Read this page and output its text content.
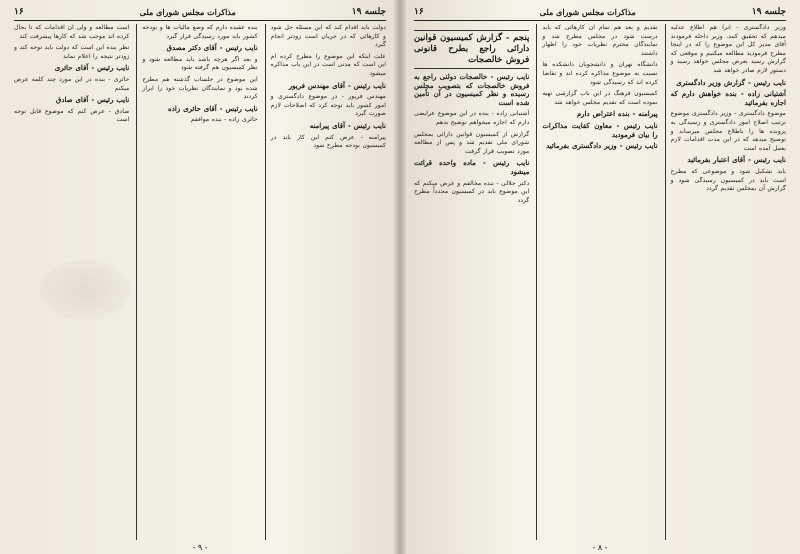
جلسه ۱۹
مذاکرات مجلس شورای ملی
۱۶

دولت باید اقدام کند که این مسئله حل شود و کارهائی که در جریان است زودتر انجام گیرد

علت اینکه این موضوع را مطرح کرده ام این است که مدتی است در این باب مذاکره میشود

نایب رئیس - آقای مهندس فریور

مهندس فریور - در موضوع دادگستری و امور کشور باید توجه کرد که اصلاحات لازم صورت گیرد

نایب رئیس - آقای پیرامنه

پیرامنه - عرض کنم این کار باید در کمیسیون بودجه مطرح شود

بنده عقیده دارم که وضع مالیات ها و بودجه کشور باید مورد رسیدگی قرار گیرد

نایب رئیس - آقای دکتر مصدق

و بعد اگر هرچه باشد باید مطالعه شود و نظر کمیسیون هم گرفته شود

این موضوع در جلسات گذشته هم مطرح شده بود و نمایندگان نظریات خود را ابراز کردند

نایب رئیس - آقای حائری زاده

حائری زاده - بنده موافقم

است مطالعه و ولی آن اقدامات که تا بحال کرده اند موجب شد که کارها پیشرفت کند

نظر بنده این است که دولت باید توجه کند و زودتر نتیجه را اعلام نماید

نایب رئیس - آقای حائری

حائری - بنده در این مورد چند کلمه عرض میکنم

نایب رئیس - آقای صادق

صادق - عرض کنم که موضوع قابل توجه است

- ۹ -
جلسه ۱۹
مذاکرات مجلس شورای ملی
۱۶

وزیر دادگستری - آنرا هم اطلاع عدلیه میدهم که تحقیق کنند. وزیر داخله فرمودند آقای مدیر کل این موضوع را که در اینجا مطرح فرمودید مطالعه میکنیم و موقعی که گزارش رسید بعرض مجلس خواهد رسید و دستور لازم صادر خواهد شد

نایب رئیس - گزارش وزیر دادگستری

آشتیانی زاده - بنده خواهش دارم که اجازه بفرمائید

موضوع دادگستری - وزیر دادگستری موضوع ترتیب اصلاح امور دادگستری و رسیدگی به پرونده ها را باطلاع مجلس میرساند و توضیح میدهد که در این مدت اقدامات لازم بعمل آمده است

نایب رئیس - آقای اعتبار بفرمائید

باید تشکیل شود و موضوعی که مطرح است باید در کمیسیون رسیدگی شود و گزارش آن بمجلس تقدیم گردد

تقدیم و بعد هم تمام آن کارهائی که باید درست شود در مجلس مطرح شد و نمایندگان محترم نظریات خود را اظهار داشتند

دانشگاه تهران و دانشجویان دانشکده ها نسبت به موضوع مذاکره کرده اند و تقاضا کرده اند که رسیدگی شود

کمیسیون فرهنگ در این باب گزارشی تهیه نموده است که تقدیم مجلس خواهد شد

پیرامنه - بنده اعتراض دارم

نایب رئیس - معاون کفایت مذاکرات را بیان فرمودید

نایب رئیس - وزیر دادگستری بفرمائید

پنجم - گزارش کمیسیون قوانین دارائی راجع بطرح قانونی فروش خالصجات

نایب رئیس - خالصجات دولتی راجع به فروش خالصجات که بتصویب مجلس رسیده و نظر کمیسیون در آن تأمین شده است

آشتیانی زاده - بنده در این موضوع عرایضی دارم که اجازه میخواهم توضیح بدهم

گزارش از کمیسیون قوانین دارائی بمجلس شورای ملی تقدیم شد و پس از مطالعه مورد تصویب قرار گرفت

نایب رئیس - ماده واحده قرائت میشود

دکتر جلالی - بنده مخالفم و عرض میکنم که این موضوع باید در کمیسیون مجدداً مطرح گردد

- ۸ -
